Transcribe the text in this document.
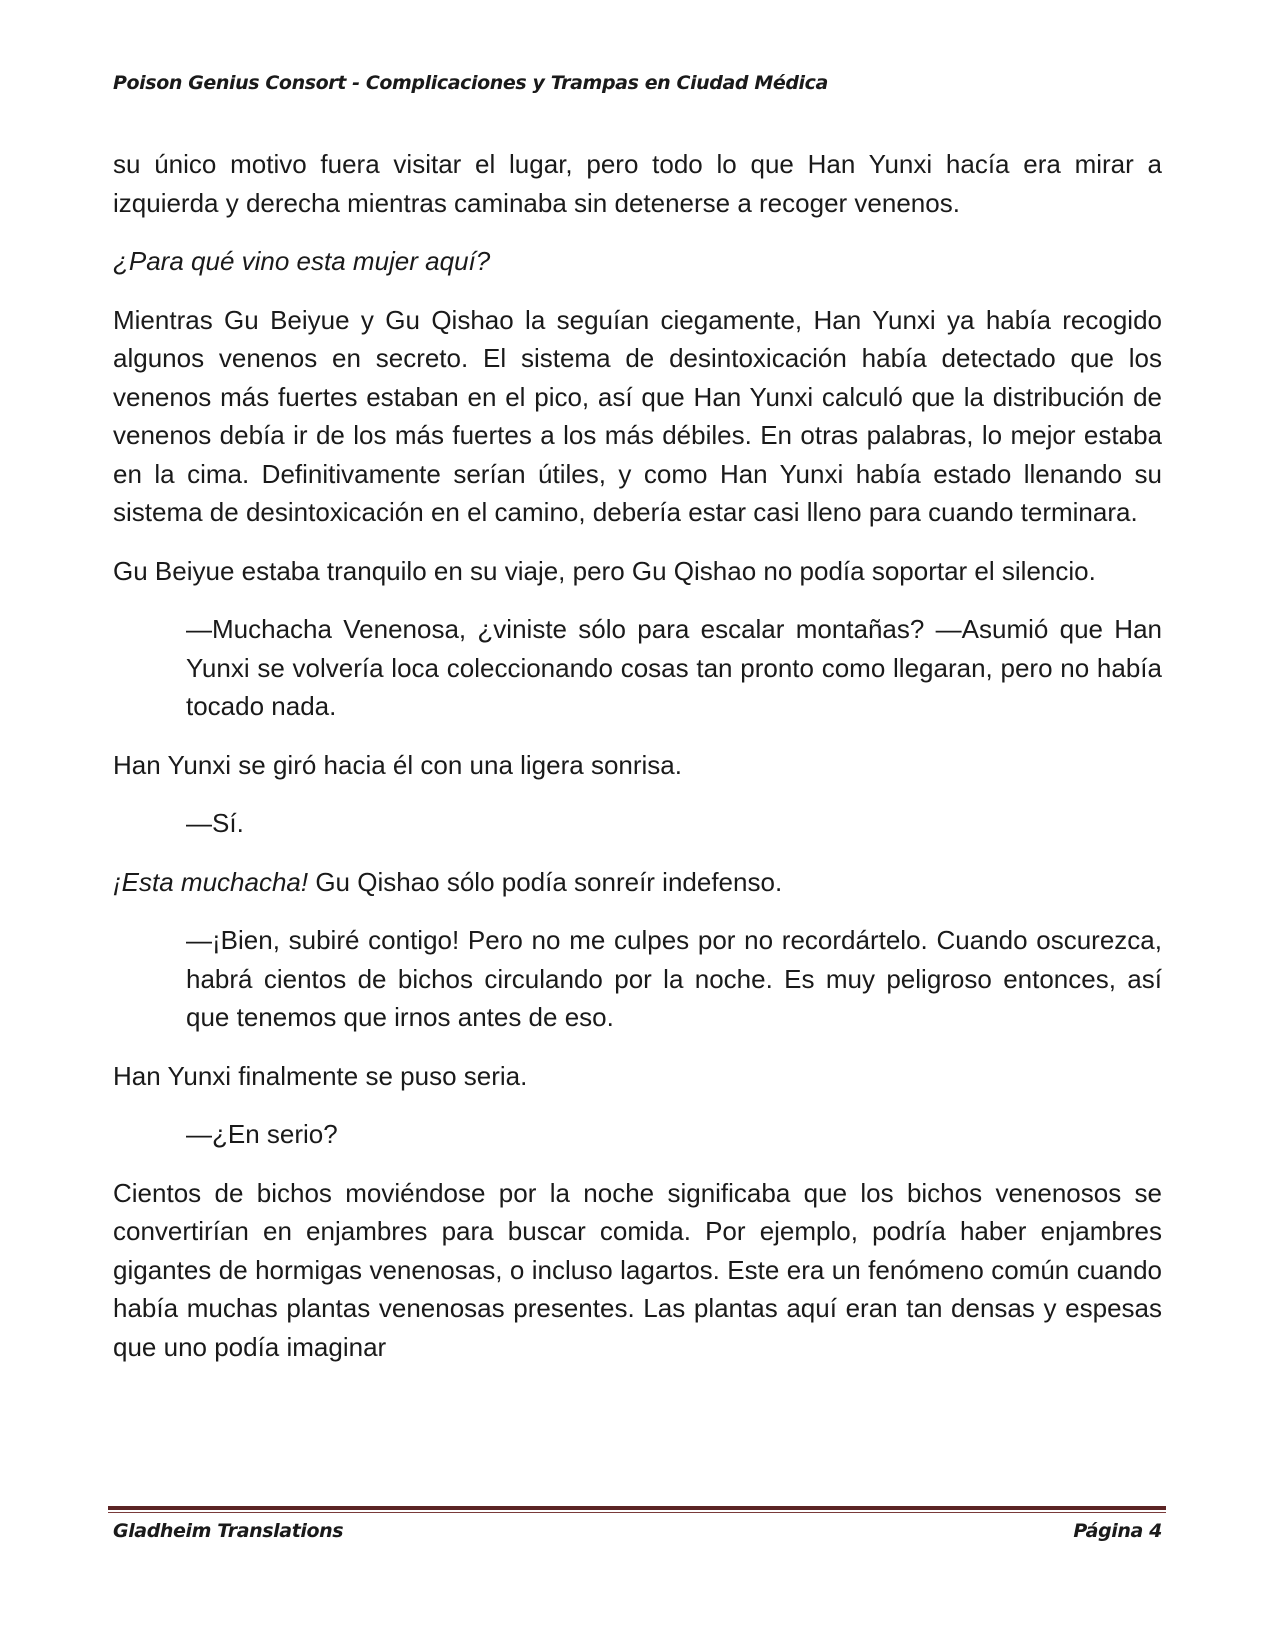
Poison Genius Consort - Complicaciones y Trampas en Ciudad Médica

su único motivo fuera visitar el lugar, pero todo lo que Han Yunxi hacía era mirar a izquierda y derecha mientras caminaba sin detenerse a recoger venenos.

¿Para qué vino esta mujer aquí?

Mientras Gu Beiyue y Gu Qishao la seguían ciegamente, Han Yunxi ya había recogido algunos venenos en secreto. El sistema de desintoxicación había detectado que los venenos más fuertes estaban en el pico, así que Han Yunxi calculó que la distribución de venenos debía ir de los más fuertes a los más débiles. En otras palabras, lo mejor estaba en la cima. Definitivamente serían útiles, y como Han Yunxi había estado llenando su sistema de desintoxicación en el camino, debería estar casi lleno para cuando terminara.

Gu Beiyue estaba tranquilo en su viaje, pero Gu Qishao no podía soportar el silencio.

—Muchacha Venenosa, ¿viniste sólo para escalar montañas? —Asumió que Han Yunxi se volvería loca coleccionando cosas tan pronto como llegaran, pero no había tocado nada.

Han Yunxi se giró hacia él con una ligera sonrisa.

—Sí.

¡Esta muchacha! Gu Qishao sólo podía sonreír indefenso.

—¡Bien, subiré contigo! Pero no me culpes por no recordártelo. Cuando oscurezca, habrá cientos de bichos circulando por la noche. Es muy peligroso entonces, así que tenemos que irnos antes de eso.

Han Yunxi finalmente se puso seria.

—¿En serio?

Cientos de bichos moviéndose por la noche significaba que los bichos venenosos se convertirían en enjambres para buscar comida. Por ejemplo, podría haber enjambres gigantes de hormigas venenosas, o incluso lagartos. Este era un fenómeno común cuando había muchas plantas venenosas presentes. Las plantas aquí eran tan densas y espesas que uno podía imaginar

Gladheim Translations	Página 4
